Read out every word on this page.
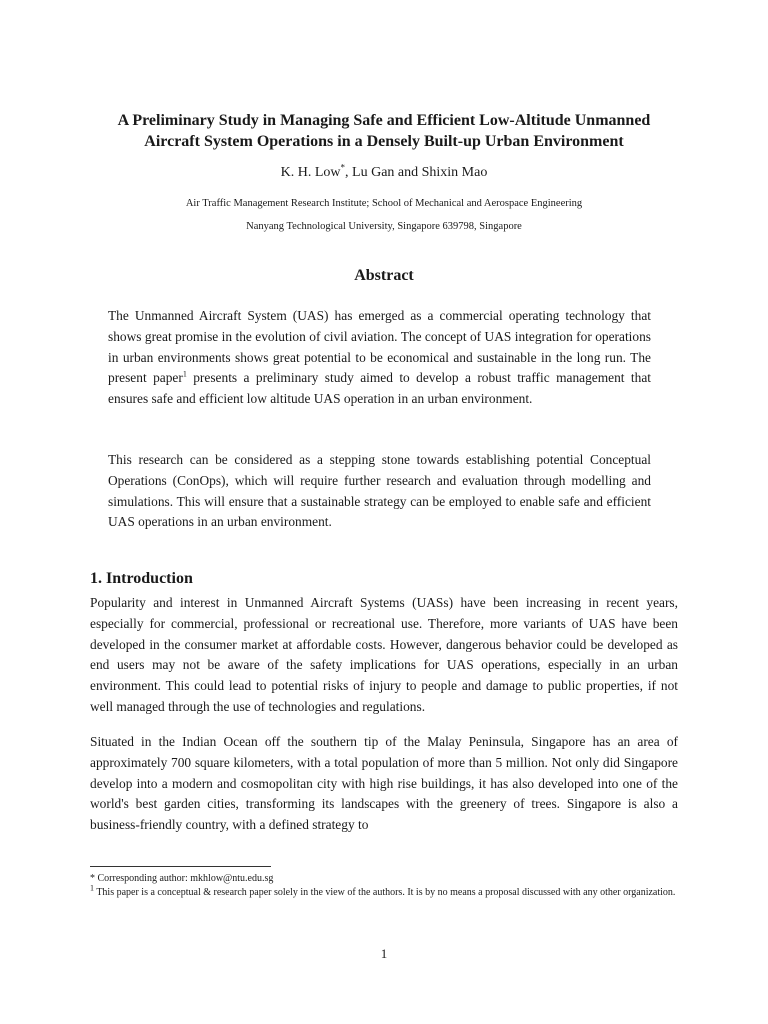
A Preliminary Study in Managing Safe and Efficient Low-Altitude Unmanned
Aircraft System Operations in a Densely Built-up Urban Environment
K. H. Low*, Lu Gan and Shixin Mao
Air Traffic Management Research Institute; School of Mechanical and Aerospace Engineering
Nanyang Technological University, Singapore 639798, Singapore
Abstract

The Unmanned Aircraft System (UAS) has emerged as a commercial operating technology that shows great promise in the evolution of civil aviation. The concept of UAS integration for operations in urban environments shows great potential to be economical and sustainable in the long run. The present paper$^1$ presents a preliminary study aimed to develop a robust traffic management that ensures safe and efficient low altitude UAS operation in an urban environment.

This research can be considered as a stepping stone towards establishing potential Conceptual Operations (ConOps), which will require further research and evaluation through modelling and simulations. This will ensure that a sustainable strategy can be employed to enable safe and efficient UAS operations in an urban environment.

1. Introduction

Popularity and interest in Unmanned Aircraft Systems (UASs) have been increasing in recent years, especially for commercial, professional or recreational use. Therefore, more variants of UAS have been developed in the consumer market at affordable costs. However, dangerous behavior could be developed as end users may not be aware of the safety implications for UAS operations, especially in an urban environment. This could lead to potential risks of injury to people and damage to public properties, if not well managed through the use of technologies and regulations.

Situated in the Indian Ocean off the southern tip of the Malay Peninsula, Singapore has an area of approximately 700 square kilometers, with a total population of more than 5 million. Not only did Singapore develop into a modern and cosmopolitan city with high rise buildings, it has also developed into one of the world's best garden cities, transforming its landscapes with the greenery of trees. Singapore is also a business-friendly country, with a defined strategy to

* Corresponding author: mkhlow@ntu.edu.sg

$^1$ This paper is a conceptual & research paper solely in the view of the authors. It is by no means a proposal discussed with any other organization.

1
